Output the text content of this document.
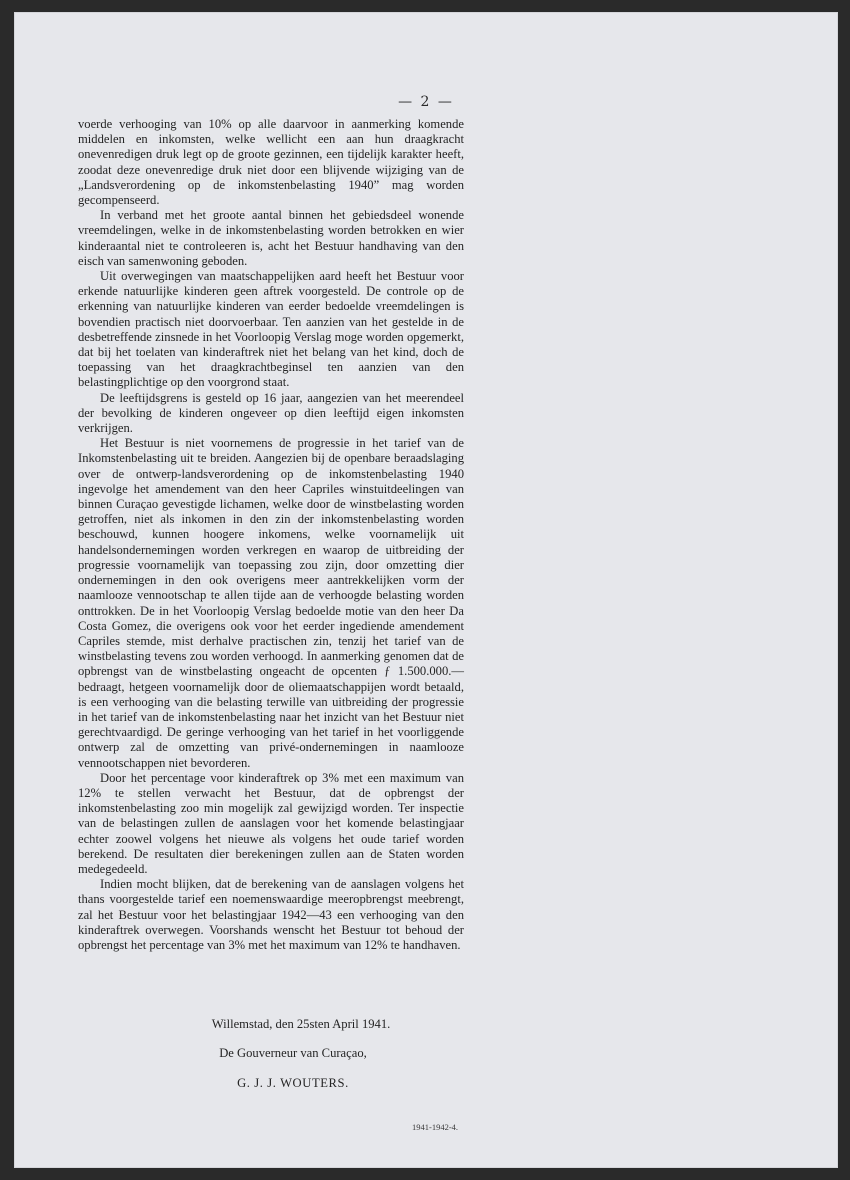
— 2 —

voerde verhooging van 10% op alle daarvoor in aanmerking komende middelen en inkomsten, welke wellicht een aan hun draagkracht onevenredigen druk legt op de groote gezinnen, een tijdelijk karakter heeft, zoodat deze onevenredige druk niet door een blijvende wijziging van de „Landsverordening op de inkomstenbelasting 1940” mag worden gecompenseerd.

In verband met het groote aantal binnen het gebiedsdeel wonende vreemdelingen, welke in de inkomstenbelasting worden betrokken en wier kinderaantal niet te controleeren is, acht het Bestuur handhaving van den eisch van samenwoning geboden.

Uit overwegingen van maatschappelijken aard heeft het Bestuur voor erkende natuurlijke kinderen geen aftrek voorgesteld. De controle op de erkenning van natuurlijke kinderen van eerder bedoelde vreemdelingen is bovendien practisch niet doorvoerbaar. Ten aanzien van het gestelde in de desbetreffende zinsnede in het Voorloopig Verslag moge worden opgemerkt, dat bij het toelaten van kinderaftrek niet het belang van het kind, doch de toepassing van het draagkrachtbeginsel ten aanzien van den belastingplichtige op den voorgrond staat.

De leeftijdsgrens is gesteld op 16 jaar, aangezien van het meerendeel der bevolking de kinderen ongeveer op dien leeftijd eigen inkomsten verkrijgen.

Het Bestuur is niet voornemens de progressie in het tarief van de Inkomstenbelasting uit te breiden. Aangezien bij de openbare beraadslaging over de ontwerp-landsverordening op de inkomstenbelasting 1940 ingevolge het amendement van den heer Capriles winstuitdeelingen van binnen Curaçao gevestigde lichamen, welke door de winstbelasting worden getroffen, niet als inkomen in den zin der inkomstenbelasting worden beschouwd, kunnen hoogere inkomens, welke voornamelijk uit handelsondernemingen worden verkregen en waarop de uitbreiding der progressie voornamelijk van toepassing zou zijn, door omzetting dier ondernemingen in den ook overigens meer aantrekkelijken vorm der naamlooze vennootschap te allen tijde aan de verhoogde belasting worden onttrokken. De in het Voorloopig Verslag bedoelde motie van den heer Da Costa Gomez, die overigens ook voor het eerder ingediende amendement Capriles stemde, mist derhalve practischen zin, tenzij het tarief van de winstbelasting tevens zou worden verhoogd. In aanmerking genomen dat de opbrengst van de winstbelasting ongeacht de opcenten ƒ 1.500.000.— bedraagt, hetgeen voornamelijk door de oliemaatschappijen wordt betaald, is een verhooging van die belasting terwille van uitbreiding der progressie in het tarief van de inkomstenbelasting naar het inzicht van het Bestuur niet gerechtvaardigd. De geringe verhooging van het tarief in het voorliggende ontwerp zal de omzetting van privé-ondernemingen in naamlooze vennootschappen niet bevorderen.

Door het percentage voor kinderaftrek op 3% met een maximum van 12% te stellen verwacht het Bestuur, dat de opbrengst der inkomstenbelasting zoo min mogelijk zal gewijzigd worden. Ter inspectie van de belastingen zullen de aanslagen voor het komende belastingjaar echter zoowel volgens het nieuwe als volgens het oude tarief worden berekend. De resultaten dier berekeningen zullen aan de Staten worden medegedeeld.

Indien mocht blijken, dat de berekening van de aanslagen volgens het thans voorgestelde tarief een noemenswaardige meeropbrengst meebrengt, zal het Bestuur voor het belastingjaar 1942—43 een verhooging van den kinderaftrek overwegen. Voorshands wenscht het Bestuur tot behoud der opbrengst het percentage van 3% met het maximum van 12% te handhaven.

Willemstad, den 25sten April 1941.
De Gouverneur van Curaçao,
G. J. J. WOUTERS.
1941-1942-4.
